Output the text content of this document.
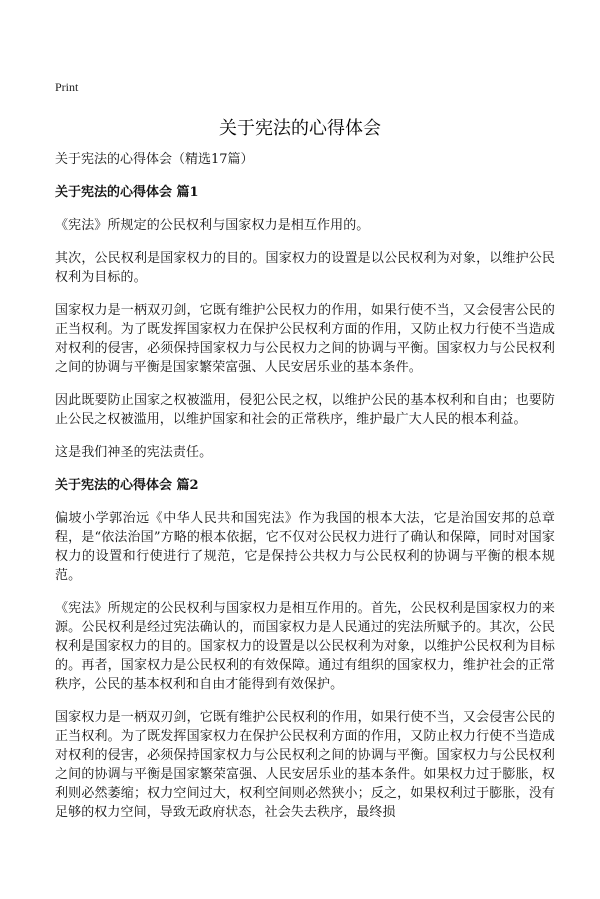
Print
关于宪法的心得体会

关于宪法的心得体会（精选17篇）

关于宪法的心得体会 篇1

《宪法》所规定的公民权利与国家权力是相互作用的。

其次，公民权利是国家权力的目的。国家权力的设置是以公民权利为对象，以维护公民权利为目标的。

国家权力是一柄双刃剑，它既有维护公民权力的作用，如果行使不当，又会侵害公民的正当权利。为了既发挥国家权力在保护公民权利方面的作用，又防止权力行使不当造成对权利的侵害，必须保持国家权力与公民权力之间的协调与平衡。国家权力与公民权利之间的协调与平衡是国家繁荣富强、人民安居乐业的基本条件。

因此既要防止国家之权被滥用，侵犯公民之权，以维护公民的基本权利和自由；也要防止公民之权被滥用，以维护国家和社会的正常秩序，维护最广大人民的根本利益。

这是我们神圣的宪法责任。

关于宪法的心得体会 篇2

偏坡小学郭治远《中华人民共和国宪法》作为我国的根本大法，它是治国安邦的总章程，是“依法治国”方略的根本依据，它不仅对公民权力进行了确认和保障，同时对国家权力的设置和行使进行了规范，它是保持公共权力与公民权利的协调与平衡的根本规范。

《宪法》所规定的公民权利与国家权力是相互作用的。首先，公民权利是国家权力的来源。公民权利是经过宪法确认的，而国家权力是人民通过的宪法所赋予的。其次，公民权利是国家权力的目的。国家权力的设置是以公民权利为对象，以维护公民权利为目标的。再者，国家权力是公民权利的有效保障。通过有组织的国家权力，维护社会的正常秩序，公民的基本权利和自由才能得到有效保护。

国家权力是一柄双刃剑，它既有维护公民权利的作用，如果行使不当，又会侵害公民的正当权利。为了既发挥国家权力在保护公民权利方面的作用，又防止权力行使不当造成对权利的侵害，必须保持国家权力与公民权利之间的协调与平衡。国家权力与公民权利之间的协调与平衡是国家繁荣富强、人民安居乐业的基本条件。如果权力过于膨胀，权利则必然萎缩；权力空间过大，权利空间则必然狭小；反之，如果权利过于膨胀，没有足够的权力空间，导致无政府状态，社会失去秩序，最终损
